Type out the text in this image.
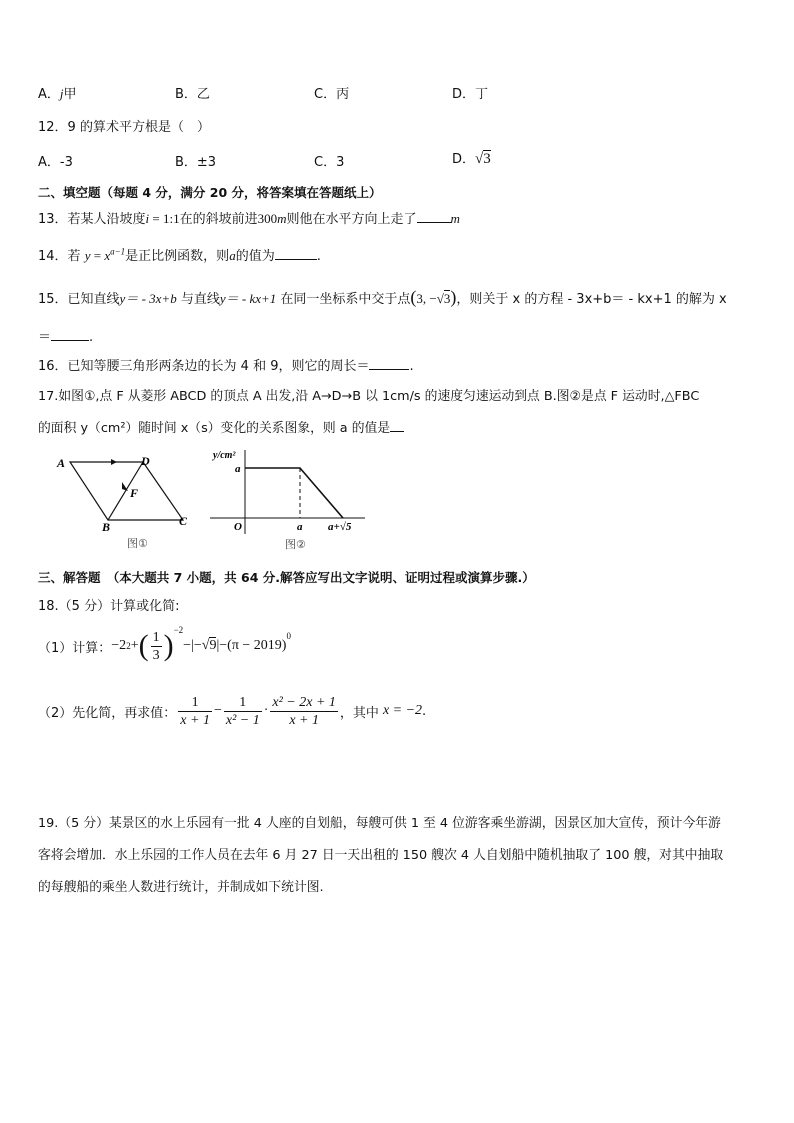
A．j甲	B．乙	C．丙	D．丁
12．9 的算术平方根是（　）
A．-3	B．±3	C．3	D．√3
二、填空题（每题 4 分，满分 20 分，将答案填在答题纸上）
13．若某人沿坡度i = 1:1在的斜坡前进300m则他在水平方向上走了	m
14．若 $y = x^{a-1}$是正比例函数，则a的值为	.
15．已知直线y＝ - 3x+b 与直线y＝ - kx+1 在同一坐标系中交于点(3, −√3)，则关于 x 的方程 - 3x+b＝ - kx+1 的解为 x
＝	.
16．已知等腰三角形两条边的长为 4 和 9，则它的周长＝	.
17.如图①,点 F 从菱形 ABCD 的顶点 A 出发,沿 A→D→B 以 1cm/s 的速度匀速运动到点 B.图②是点 F 运动时,△FBC
的面积 y（cm²）随时间 x（s）变化的关系图象，则 a 的值是
A	D
F
B	C
图①
y/cm²
a
O	a a+√5
图②
三、解答题　（本大题共 7 小题，共 64 分.解答应写出文字说明、证明过程或演算步骤.）
18.（5 分）计算或化简:
（1）计算： −2 2 + ( $\frac{1}{3} )^{-2}$
−|− √9 |−(π − 2019)
$^0$
（2）先化简，再求值： $\frac{1}{x + 1} - \frac{1}{\text{x² − 1}} \cdot \frac{\text{x² − 2x + 1}}{x + 1}$ ，其中 x = −2 .
19.（5 分）某景区的水上乐园有一批 4 人座的自划船，每艘可供 1 至 4 位游客乘坐游湖，因景区加大宣传，预计今年游
客将会增加．水上乐园的工作人员在去年 6 月 27 日一天出租的 150 艘次 4 人自划船中随机抽取了 100 艘，对其中抽取
的每艘船的乘坐人数进行统计，并制成如下统计图.
